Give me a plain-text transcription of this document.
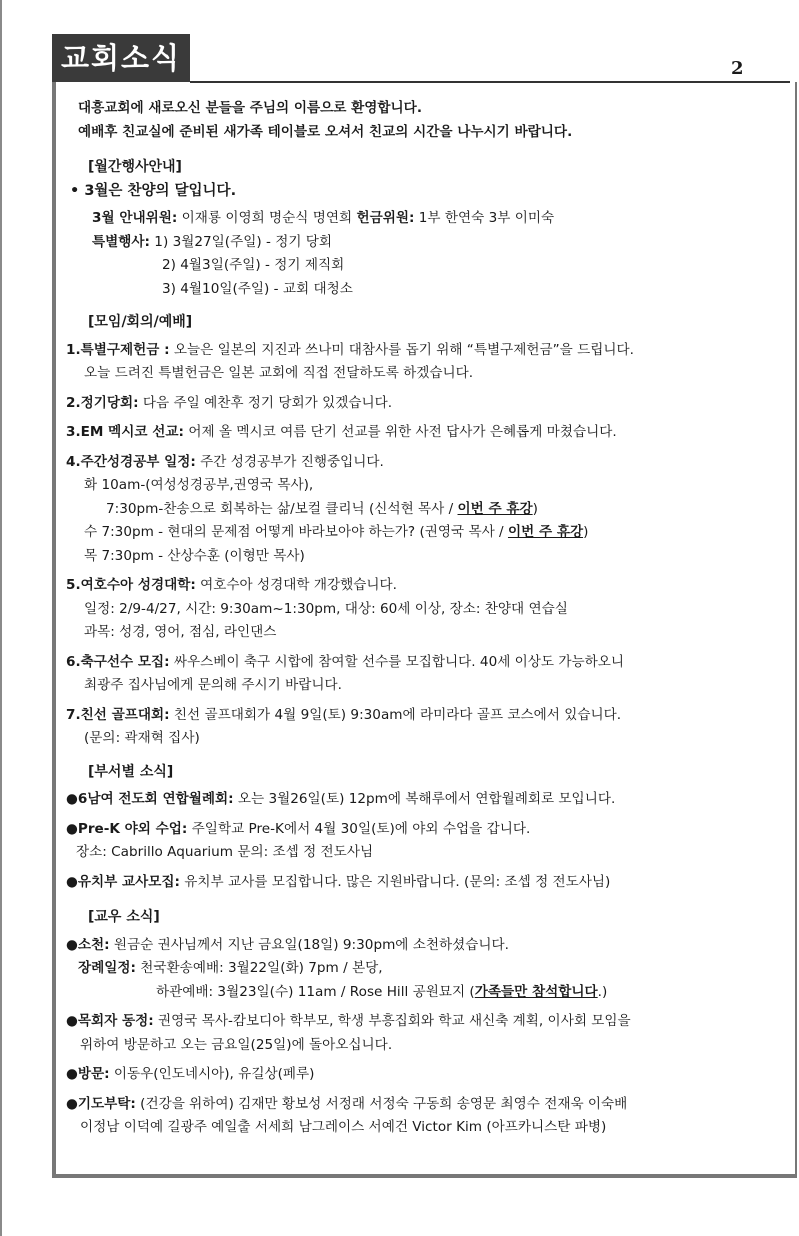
교회소식	2
대흥교회에 새로오신 분들을 주님의 이름으로 환영합니다.
예배후 친교실에 준비된 새가족 테이블로 오셔서 친교의 시간을 나누시기 바랍니다.
[월간행사안내]
• 3월은 찬양의 달입니다.
3월 안내위원: 이재룡 이영희 명순식 명연희 헌금위원: 1부 한연숙 3부 이미숙
특별행사: 1) 3월27일(주일) - 정기 당회
2) 4월3일(주일) - 정기 제직회
3) 4월10일(주일) - 교회 대청소
[모임/회의/예배]
1.특별구제헌금 : 오늘은 일본의 지진과 쓰나미 대참사를 돕기 위해 “특별구제헌금”을 드립니다.
오늘 드려진 특별헌금은 일본 교회에 직접 전달하도록 하겠습니다.
2.정기당회: 다음 주일 예찬후 정기 당회가 있겠습니다.
3.EM 멕시코 선교: 어제 올 멕시코 여름 단기 선교를 위한 사전 답사가 은혜롭게 마쳤습니다.
4.주간성경공부 일정: 주간 성경공부가 진행중입니다.
화 10am-(여성성경공부,권영국 목사),
7:30pm-찬송으로 회복하는 삶/보컬 클리닉 (신석현 목사 / 이번 주 휴강)
수 7:30pm - 현대의 문제점 어떻게 바라보아야 하는가? (권영국 목사 / 이번 주 휴강)
목 7:30pm - 산상수훈 (이형만 목사)
5.여호수아 성경대학: 여호수아 성경대학 개강했습니다.
일정: 2/9-4/27, 시간: 9:30am~1:30pm, 대상: 60세 이상, 장소: 찬양대 연습실
과목: 성경, 영어, 점심, 라인댄스
6.축구선수 모집: 싸우스베이 축구 시합에 참여할 선수를 모집합니다. 40세 이상도 가능하오니
최광주 집사님에게 문의해 주시기 바랍니다.
7.친선 골프대회: 친선 골프대회가 4월 9일(토) 9:30am에 라미라다 골프 코스에서 있습니다.
(문의: 곽재혁 집사)
[부서별 소식]
●6남여 전도회 연합월례회: 오는 3월26일(토) 12pm에 복해루에서 연합월례회로 모입니다.
●Pre-K 야외 수업: 주일학교 Pre-K에서 4월 30일(토)에 야외 수업을 갑니다.
장소: Cabrillo Aquarium 문의: 조셉 정 전도사님
●유치부 교사모집: 유치부 교사를 모집합니다. 많은 지원바랍니다. (문의: 조셉 정 전도사님)
[교우 소식]
●소천: 원금순 권사님께서 지난 금요일(18일) 9:30pm에 소천하셨습니다.
장례일정: 천국환송예배: 3월22일(화) 7pm / 본당,
하관예배: 3월23일(수) 11am / Rose Hill 공원묘지 (가족들만 참석합니다.)
●목회자 동정: 권영국 목사-캄보디아 학부모, 학생 부흥집회와 학교 새신축 계획, 이사회 모임을
위하여 방문하고 오는 금요일(25일)에 돌아오십니다.
●방문: 이동우(인도네시아), 유길상(페루)
●기도부탁: (건강을 위하여) 김재만 황보성 서정래 서정숙 구동희 송영문 최영수 전재욱 이숙배
이정남 이덕예 길광주 예일출 서세희 남그레이스 서예건 Victor Kim (아프카니스탄 파병)
